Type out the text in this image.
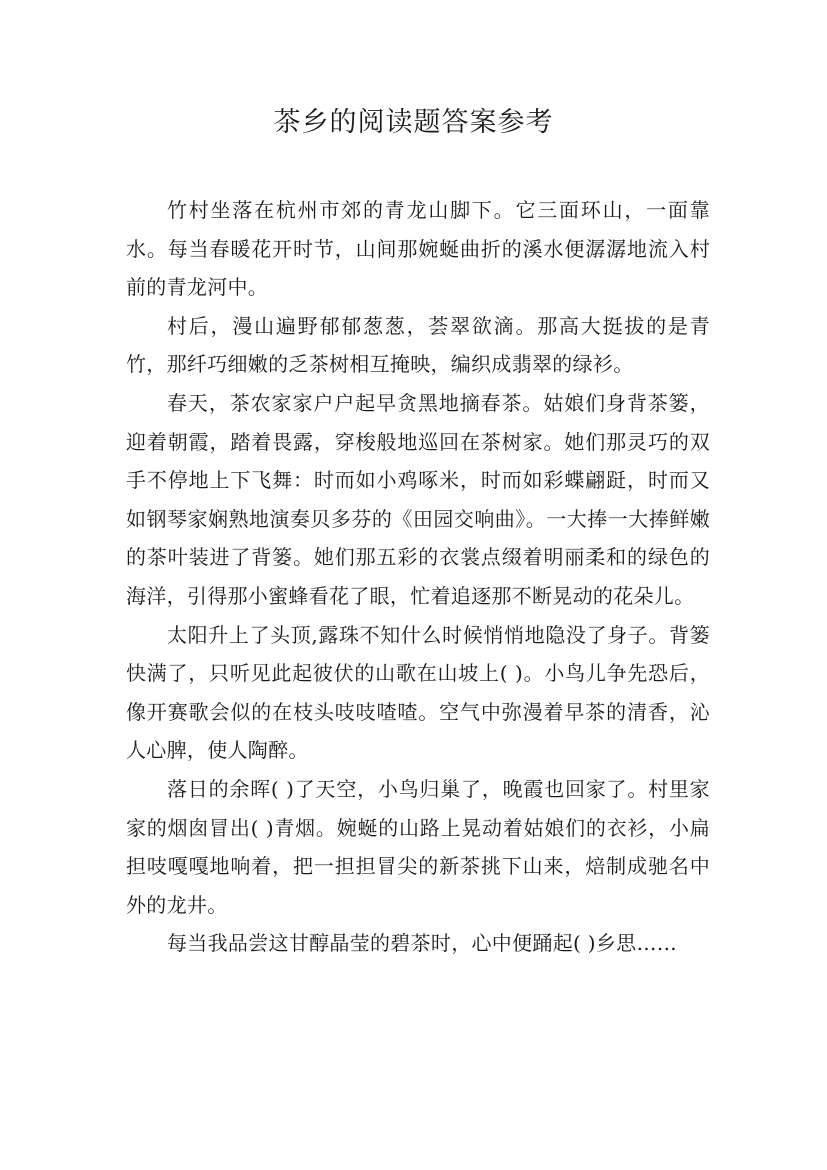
茶乡的阅读题答案参考

竹村坐落在杭州市郊的青龙山脚下。它三面环山，一面靠水。每当春暖花开时节，山间那婉蜒曲折的溪水便潺潺地流入村前的青龙河中。

村后，漫山遍野郁郁葱葱，荟翠欲滴。那高大挺拔的是青竹，那纤巧细嫩的乏茶树相互掩映，编织成翡翠的绿衫。

春天，茶农家家户户起早贪黑地摘春茶。姑娘们身背茶篓，迎着朝霞，踏着畏露，穿梭般地巡回在茶树家。她们那灵巧的双手不停地上下飞舞：时而如小鸡啄米，时而如彩蝶翩跹，时而又如钢琴家娴熟地演奏贝多芬的《田园交响曲》。一大捧一大捧鲜嫩的茶叶装进了背篓。她们那五彩的衣裳点缀着明丽柔和的绿色的海洋，引得那小蜜蜂看花了眼，忙着追逐那不断晃动的花朵儿。

太阳升上了头顶,露珠不知什么时候悄悄地隐没了身子。背篓快满了，只听见此起彼伏的山歌在山坡上( )。小鸟儿争先恐后，像开赛歌会似的在枝头吱吱喳喳。空气中弥漫着早茶的清香，沁人心脾，使人陶醉。

落日的余晖( )了天空，小鸟归巢了，晚霞也回家了。村里家家的烟囱冒出( )青烟。婉蜒的山路上晃动着姑娘们的衣衫，小扁担吱嘎嘎地响着，把一担担冒尖的新茶挑下山来，焙制成驰名中外的龙井。

每当我品尝这甘醇晶莹的碧茶时，心中便踊起( )乡思……
